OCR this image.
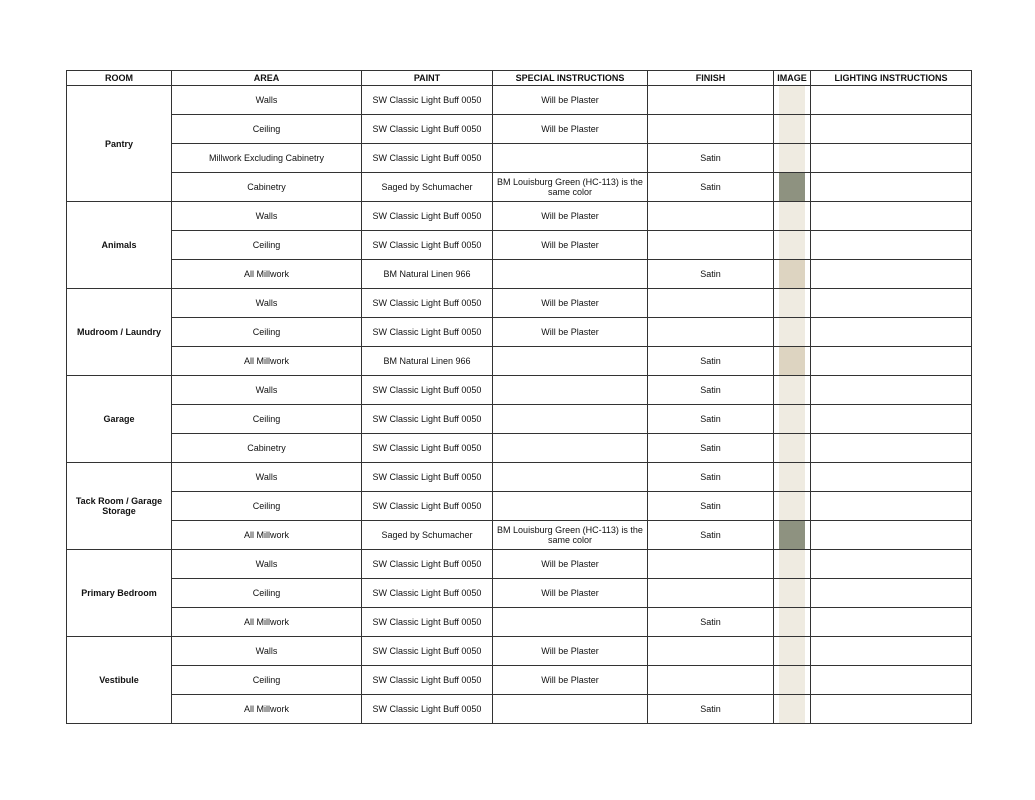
ROOM	AREA	PAINT	SPECIAL INSTRUCTIONS	FINISH	IMAGE	LIGHTING INSTRUCTIONS
Pantry	Walls	SW Classic Light Buff 0050	Will be Plaster		

	Ceiling	SW Classic Light Buff 0050	Will be Plaster		

	Millwork Excluding Cabinetry	SW Classic Light Buff 0050		Satin	

	Cabinetry	Saged by Schumacher	BM Louisburg Green (HC-113) is the same color	Satin	

Animals	Walls	SW Classic Light Buff 0050	Will be Plaster		

	Ceiling	SW Classic Light Buff 0050	Will be Plaster		

	All Millwork	BM Natural Linen 966		Satin	

Mudroom / Laundry	Walls	SW Classic Light Buff 0050	Will be Plaster		

	Ceiling	SW Classic Light Buff 0050	Will be Plaster		

	All Millwork	BM Natural Linen 966		Satin	

Garage	Walls	SW Classic Light Buff 0050		Satin	

	Ceiling	SW Classic Light Buff 0050		Satin	

	Cabinetry	SW Classic Light Buff 0050		Satin	

Tack Room / Garage Storage	Walls	SW Classic Light Buff 0050		Satin	

	Ceiling	SW Classic Light Buff 0050		Satin	

	All Millwork	Saged by Schumacher	BM Louisburg Green (HC-113) is the same color	Satin	

Primary Bedroom	Walls	SW Classic Light Buff 0050	Will be Plaster		

	Ceiling	SW Classic Light Buff 0050	Will be Plaster		

	All Millwork	SW Classic Light Buff 0050		Satin	

Vestibule	Walls	SW Classic Light Buff 0050	Will be Plaster		

	Ceiling	SW Classic Light Buff 0050	Will be Plaster		

	All Millwork	SW Classic Light Buff 0050		Satin	
